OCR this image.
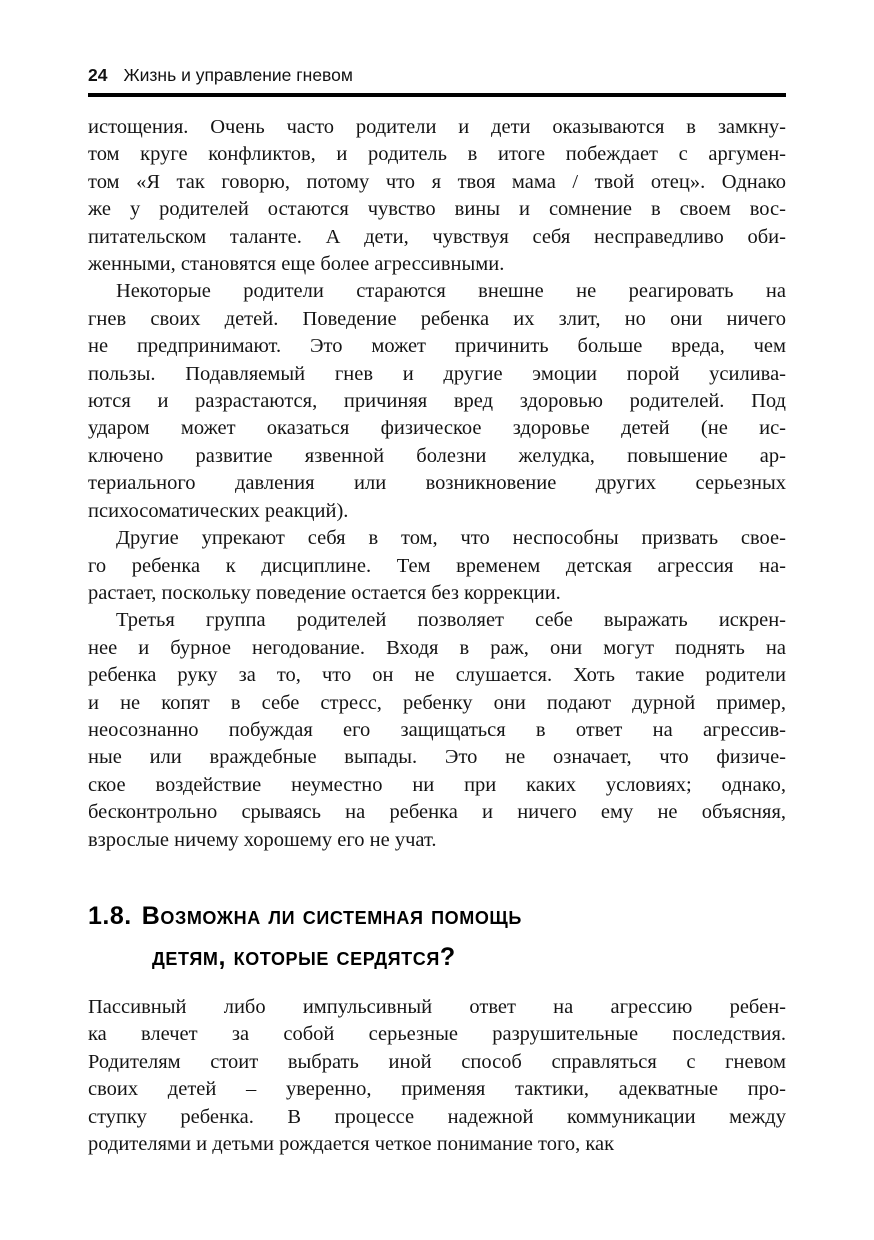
24 Жизнь и управление гневом
истощения. Очень часто родители и дети оказываются в замкну-
том круге конфликтов, и родитель в итоге побеждает с аргумен-
том «Я так говорю, потому что я твоя мама / твой отец». Однако
же у родителей остаются чувство вины и сомнение в своем вос-
питательском таланте. А дети, чувствуя себя несправедливо оби-
женными, становятся еще более агрессивными.
Некоторые родители стараются внешне не реагировать на
гнев своих детей. Поведение ребенка их злит, но они ничего
не предпринимают. Это может причинить больше вреда, чем
пользы. Подавляемый гнев и другие эмоции порой усилива-
ются и разрастаются, причиняя вред здоровью родителей. Под
ударом может оказаться физическое здоровье детей (не ис-
ключено развитие язвенной болезни желудка, повышение ар-
териального давления или возникновение других серьезных
психосоматических реакций).
Другие упрекают себя в том, что неспособны призвать свое-
го ребенка к дисциплине. Тем временем детская агрессия на-
растает, поскольку поведение остается без коррекции.
Третья группа родителей позволяет себе выражать искрен-
нее и бурное негодование. Входя в раж, они могут поднять на
ребенка руку за то, что он не слушается. Хоть такие родители
и не копят в себе стресс, ребенку они подают дурной пример,
неосознанно побуждая его защищаться в ответ на агрессив-
ные или враждебные выпады. Это не означает, что физиче-
ское воздействие неуместно ни при каких условиях; однако,
бесконтрольно срываясь на ребенка и ничего ему не объясняя,
взрослые ничему хорошему его не учат.
1.8. Возможна ли системная помощь
детям, которые сердятся?
Пассивный либо импульсивный ответ на агрессию ребен-
ка влечет за собой серьезные разрушительные последствия.
Родителям стоит выбрать иной способ справляться с гневом
своих детей – уверенно, применяя тактики, адекватные про-
ступку ребенка. В процессе надежной коммуникации между
родителями и детьми рождается четкое понимание того, как
